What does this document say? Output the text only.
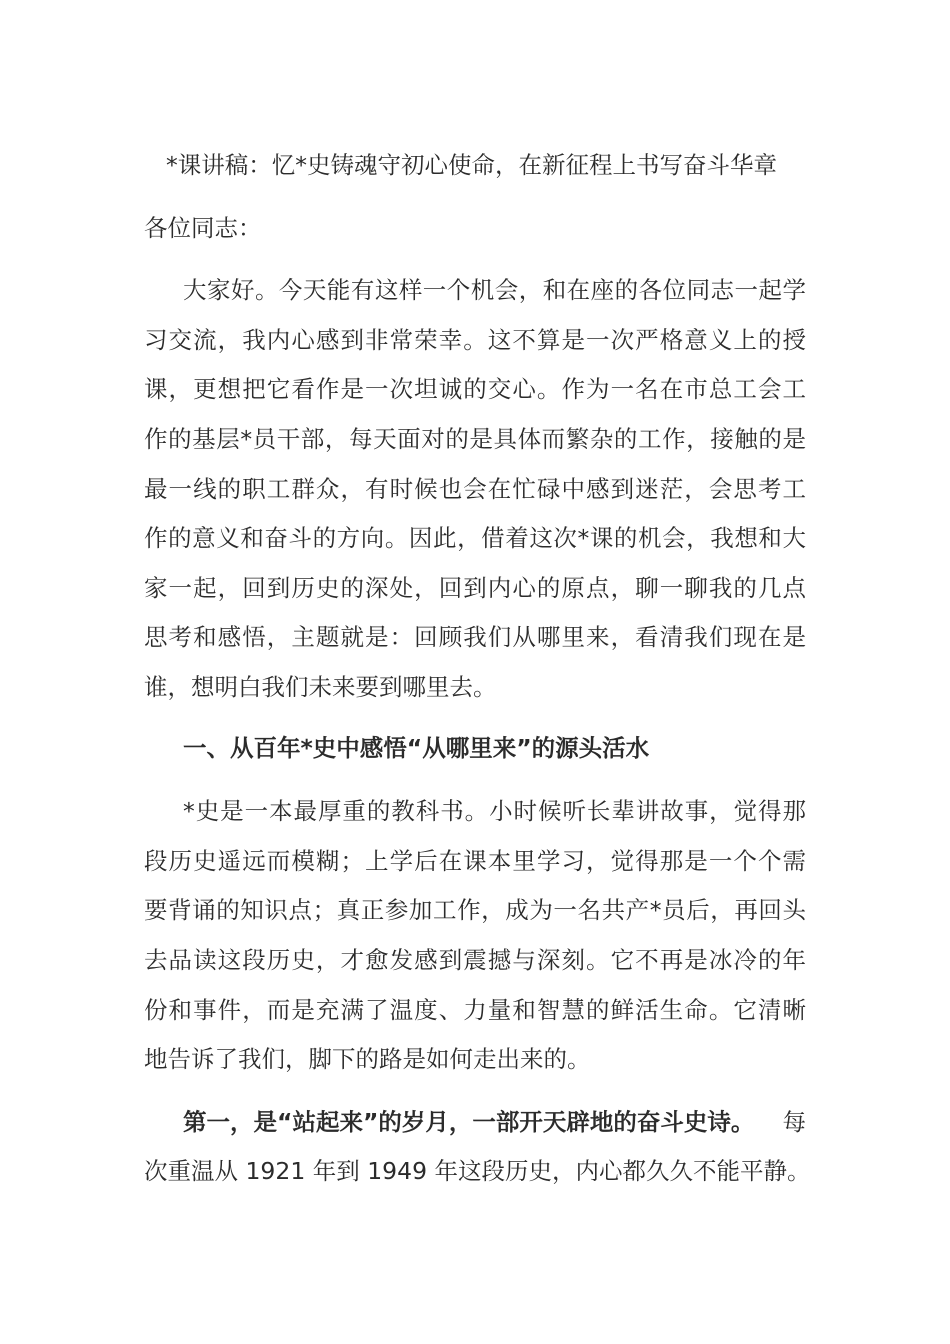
*课讲稿：忆*史铸魂守初心使命，在新征程上书写奋斗华章
各位同志：
大家好。今天能有这样一个机会，和在座的各位同志一起学
习交流，我内心感到非常荣幸。这不算是一次严格意义上的授
课，更想把它看作是一次坦诚的交心。作为一名在市总工会工
作的基层*员干部，每天面对的是具体而繁杂的工作，接触的是
最一线的职工群众，有时候也会在忙碌中感到迷茫，会思考工
作的意义和奋斗的方向。因此，借着这次*课的机会，我想和大
家一起，回到历史的深处，回到内心的原点，聊一聊我的几点
思考和感悟，主题就是：回顾我们从哪里来，看清我们现在是
谁，想明白我们未来要到哪里去。
一、从百年*史中感悟“从哪里来”的源头活水
*史是一本最厚重的教科书。小时候听长辈讲故事，觉得那
段历史遥远而模糊；上学后在课本里学习，觉得那是一个个需
要背诵的知识点；真正参加工作，成为一名共产*员后，再回头
去品读这段历史，才愈发感到震撼与深刻。它不再是冰冷的年
份和事件，而是充满了温度、力量和智慧的鲜活生命。它清晰
地告诉了我们，脚下的路是如何走出来的。
第一，是“站起来”的岁月，一部开天辟地的奋斗史诗。 每
次重温从 1921 年到 1949 年这段历史，内心都久久不能平静。
